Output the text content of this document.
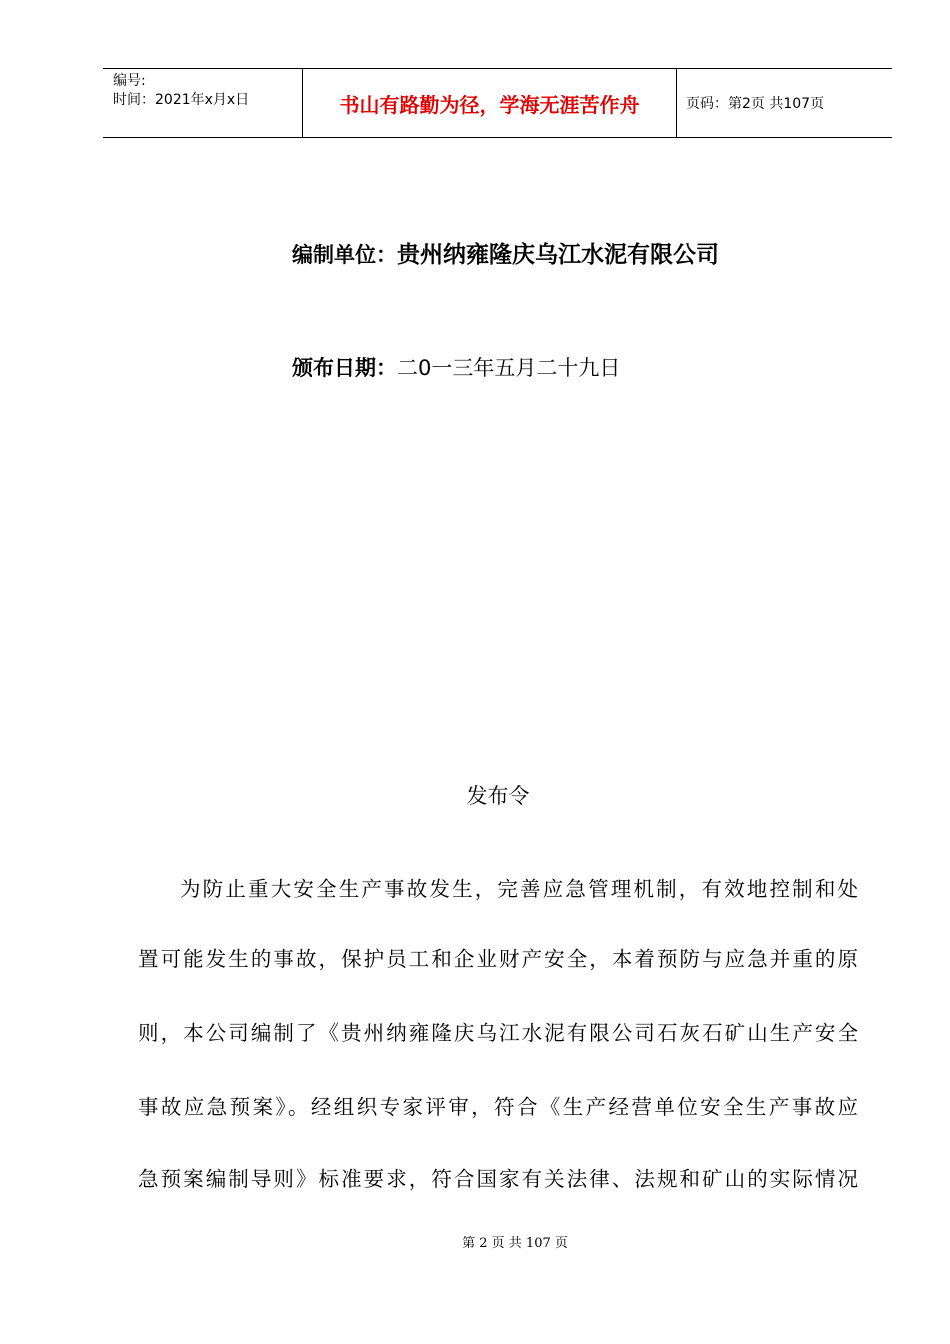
编号:
时间：2021年x月x日	书山有路勤为径，学海无涯苦作舟	页码：第2页 共107页
编制单位：贵州纳雍隆庆乌江水泥有限公司
颁布日期：二0一三年五月二十九日
发布令
为防止重大安全生产事故发生，完善应急管理机制，有效地控制和处
置可能发生的事故，保护员工和企业财产安全，本着预防与应急并重的原
则，本公司编制了《贵州纳雍隆庆乌江水泥有限公司石灰石矿山生产安全
事故应急预案》。经组织专家评审，符合《生产经营单位安全生产事故应
急预案编制导则》标准要求，符合国家有关法律、法规和矿山的实际情况
第 2 页 共 107 页
